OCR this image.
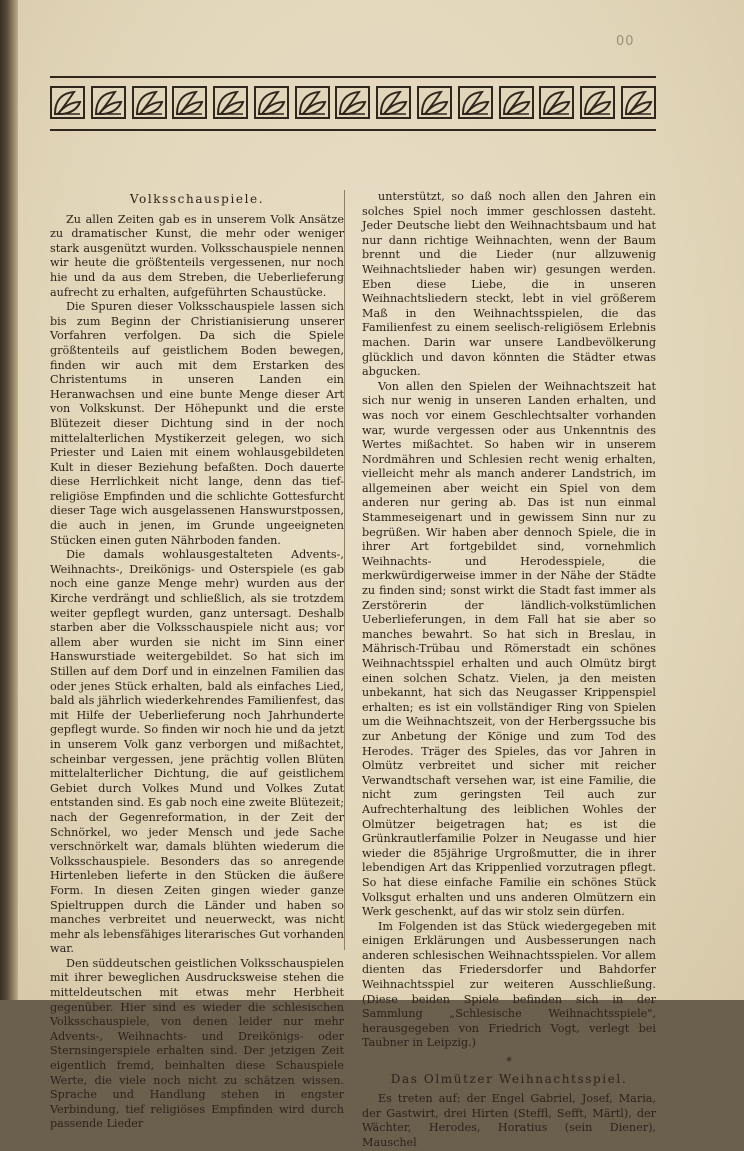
00
Volksschauspiele.

Zu allen Zeiten gab es in unserem Volk Ansätze zu dramatischer Kunst, die mehr oder weniger stark ausgenützt wurden. Volksschauspiele nennen wir heute die größtenteils vergessenen, nur noch hie und da aus dem Streben, die Ueberlieferung aufrecht zu erhalten, aufgeführten Schaustücke.

Die Spuren dieser Volksschauspiele lassen sich bis zum Beginn der Christianisierung unserer Vorfahren verfolgen. Da sich die Spiele größtenteils auf geistlichem Boden bewegen, finden wir auch mit dem Erstarken des Christentums in unseren Landen ein Heranwachsen und eine bunte Menge dieser Art von Volkskunst. Der Höhepunkt und die erste Blütezeit dieser Dichtung sind in der noch mittelalterlichen Mystikerzeit gelegen, wo sich Priester und Laien mit einem wohlausgebildeten Kult in dieser Beziehung befaßten. Doch dauerte diese Herrlichkeit nicht lange, denn das tief-religiöse Empfinden und die schlichte Gottesfurcht dieser Tage wich ausgelassenen Hanswurstpossen, die auch in jenen, im Grunde ungeeigneten Stücken einen guten Nährboden fanden.

Die damals wohlausgestalteten Advents-, Weihnachts-, Dreikönigs- und Osterspiele (es gab noch eine ganze Menge mehr) wurden aus der Kirche verdrängt und schließlich, als sie trotzdem weiter gepflegt wurden, ganz untersagt. Deshalb starben aber die Volksschauspiele nicht aus; vor allem aber wurden sie nicht im Sinn einer Hanswurstiade weitergebildet. So hat sich im Stillen auf dem Dorf und in einzelnen Familien das oder jenes Stück erhalten, bald als einfaches Lied, bald als jährlich wiederkehrendes Familienfest, das mit Hilfe der Ueberlieferung noch Jahrhunderte gepflegt wurde. So finden wir noch hie und da jetzt in unserem Volk ganz verborgen und mißachtet, scheinbar vergessen, jene prächtig vollen Blüten mittelalterlicher Dichtung, die auf geistlichem Gebiet durch Volkes Mund und Volkes Zutat entstanden sind. Es gab noch eine zweite Blütezeit; nach der Gegenreformation, in der Zeit der Schnörkel, wo jeder Mensch und jede Sache verschnörkelt war, damals blühten wiederum die Volksschauspiele. Besonders das so anregende Hirtenleben lieferte in den Stücken die äußere Form. In diesen Zeiten gingen wieder ganze Spieltruppen durch die Länder und haben so manches verbreitet und neuerweckt, was nicht mehr als lebensfähiges literarisches Gut vorhanden war.

Den süddeutschen geistlichen Volksschauspielen mit ihrer beweglichen Ausdrucksweise stehen die mitteldeutschen mit etwas mehr Herbheit gegenüber. Hier sind es wieder die schlesischen Volksschauspiele, von denen leider nur mehr Advents-, Weihnachts- und Dreikönigs- oder Sternsingerspiele erhalten sind. Der jetzigen Zeit eigentlich fremd, beinhalten diese Schauspiele Werte, die viele noch nicht zu schätzen wissen. Sprache und Handlung stehen in engster Verbindung, tief religiöses Empfinden wird durch passende Lieder

unterstützt, so daß noch allen den Jahren ein solches Spiel noch immer geschlossen dasteht. Jeder Deutsche liebt den Weihnachtsbaum und hat nur dann richtige Weihnachten, wenn der Baum brennt und die Lieder (nur allzuwenig Weihnachtslieder haben wir) gesungen werden. Eben diese Liebe, die in unseren Weihnachtsliedern steckt, lebt in viel größerem Maß in den Weihnachtsspielen, die das Familienfest zu einem seelisch-religiösem Erlebnis machen. Darin war unsere Landbevölkerung glücklich und davon könnten die Städter etwas abgucken.

Von allen den Spielen der Weihnachtszeit hat sich nur wenig in unseren Landen erhalten, und was noch vor einem Geschlechtsalter vorhanden war, wurde vergessen oder aus Unkenntnis des Wertes mißachtet. So haben wir in unserem Nordmähren und Schlesien recht wenig erhalten, vielleicht mehr als manch anderer Landstrich, im allgemeinen aber weicht ein Spiel von dem anderen nur gering ab. Das ist nun einmal Stammeseigenart und in gewissem Sinn nur zu begrüßen. Wir haben aber dennoch Spiele, die in ihrer Art fortgebildet sind, vornehmlich Weihnachts- und Herodesspiele, die merkwürdigerweise immer in der Nähe der Städte zu finden sind; sonst wirkt die Stadt fast immer als Zerstörerin der ländlich-volkstümlichen Ueberlieferungen, in dem Fall hat sie aber so manches bewahrt. So hat sich in Breslau, in Mährisch-Trübau und Römerstadt ein schönes Weihnachtsspiel erhalten und auch Olmütz birgt einen solchen Schatz. Vielen, ja den meisten unbekannt, hat sich das Neugasser Krippenspiel erhalten; es ist ein vollständiger Ring von Spielen um die Weihnachtszeit, von der Herbergssuche bis zur Anbetung der Könige und zum Tod des Herodes. Träger des Spieles, das vor Jahren in Olmütz verbreitet und sicher mit reicher Verwandtschaft versehen war, ist eine Familie, die nicht zum geringsten Teil auch zur Aufrechterhaltung des leiblichen Wohles der Olmützer beigetragen hat; es ist die Grünkrautlerfamilie Polzer in Neugasse und hier wieder die 85jährige Urgroßmutter, die in ihrer lebendigen Art das Krippenlied vorzutragen pflegt. So hat diese einfache Familie ein schönes Stück Volksgut erhalten und uns anderen Olmützern ein Werk geschenkt, auf das wir stolz sein dürfen.

Im Folgenden ist das Stück wiedergegeben mit einigen Erklärungen und Ausbesserungen nach anderen schlesischen Weihnachtsspielen. Vor allem dienten das Friedersdorfer und Bahdorfer Weihnachtsspiel zur weiteren Ausschließung. (Diese beiden Spiele befinden sich in der Sammlung „Schlesische Weihnachtsspiele", herausgegeben von Friedrich Vogt, verlegt bei Taubner in Leipzig.)

*
Das Olmützer Weihnachtsspiel.

Es treten auf: der Engel Gabriel, Josef, Maria, der Gastwirt, drei Hirten (Steffl, Sefft, Märtl), der Wächter, Herodes, Horatius (sein Diener), Mauschel
